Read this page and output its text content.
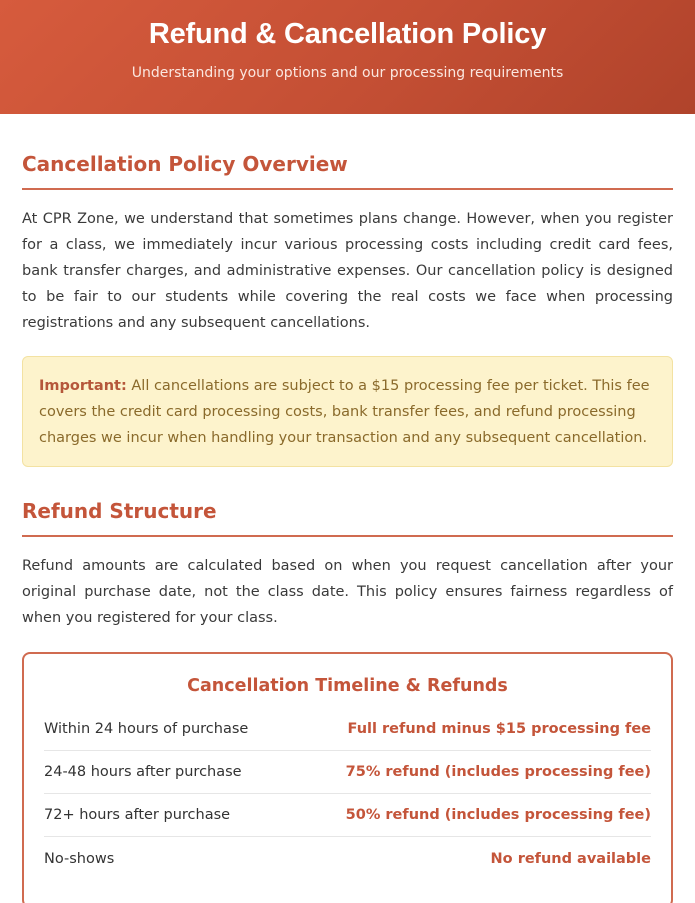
Refund & Cancellation Policy
Understanding your options and our processing requirements
Cancellation Policy Overview

At CPR Zone, we understand that sometimes plans change. However, when you register for a class, we immediately incur various processing costs including credit card fees, bank transfer charges, and administrative expenses. Our cancellation policy is designed to be fair to our students while covering the real costs we face when processing registrations and any subsequent cancellations.

Important: All cancellations are subject to a $15 processing fee per ticket. This fee covers the credit card processing costs, bank transfer fees, and refund processing charges we incur when handling your transaction and any subsequent cancellation.
Refund Structure

Refund amounts are calculated based on when you request cancellation after your original purchase date, not the class date. This policy ensures fairness regardless of when you registered for your class.

Cancellation Timeline & Refunds
Within 24 hours of purchase	Full refund minus $15 processing fee
24-48 hours after purchase	75% refund (includes processing fee)
72+ hours after purchase	50% refund (includes processing fee)
No-shows	No refund available
